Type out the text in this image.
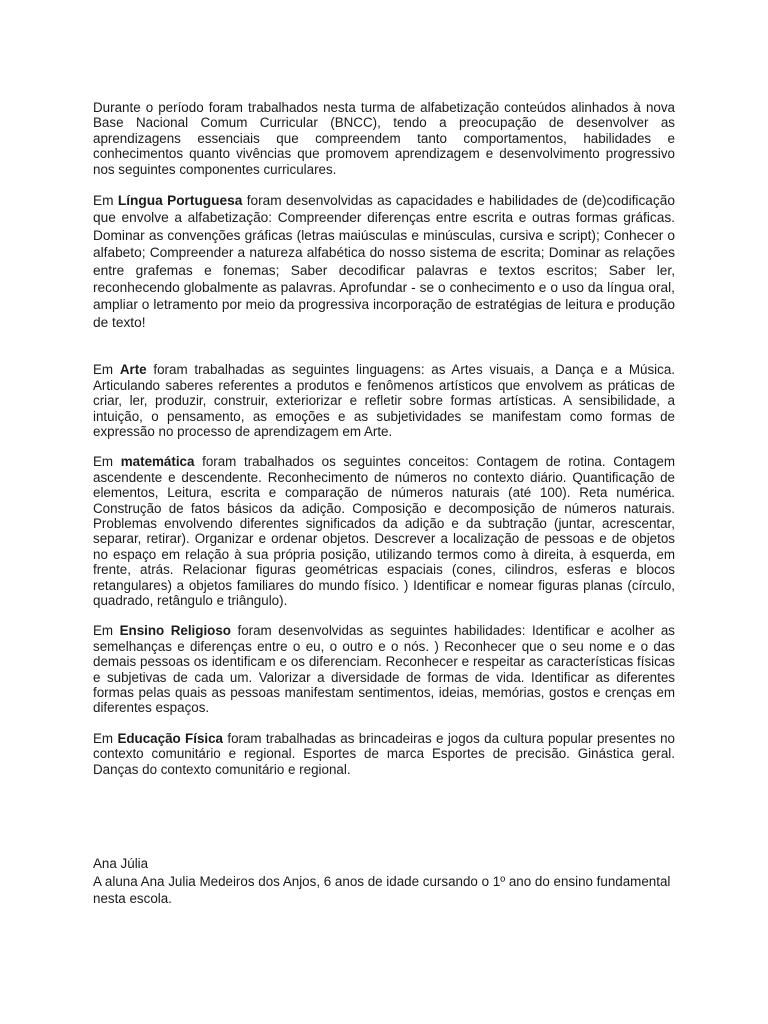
Durante o período foram trabalhados nesta turma de alfabetização conteúdos alinhados à nova Base Nacional Comum Curricular (BNCC), tendo a preocupação de desenvolver as aprendizagens essenciais que compreendem tanto comportamentos, habilidades e conhecimentos quanto vivências que promovem aprendizagem e desenvolvimento progressivo nos seguintes componentes curriculares.

Em Língua Portuguesa foram desenvolvidas as capacidades e habilidades de (de)codificação que envolve a alfabetização: Compreender diferenças entre escrita e outras formas gráficas. Dominar as convenções gráficas (letras maiúsculas e minúsculas, cursiva e script); Conhecer o alfabeto; Compreender a natureza alfabética do nosso sistema de escrita; Dominar as relações entre grafemas e fonemas; Saber decodificar palavras e textos escritos; Saber ler, reconhecendo globalmente as palavras. Aprofundar - se o conhecimento e o uso da língua oral, ampliar o letramento por meio da progressiva incorporação de estratégias de leitura e produção de texto!

Em Arte foram trabalhadas as seguintes linguagens: as Artes visuais, a Dança e a Música. Articulando saberes referentes a produtos e fenômenos artísticos que envolvem as práticas de criar, ler, produzir, construir, exteriorizar e refletir sobre formas artísticas. A sensibilidade, a intuição, o pensamento, as emoções e as subjetividades se manifestam como formas de expressão no processo de aprendizagem em Arte.

Em matemática foram trabalhados os seguintes conceitos: Contagem de rotina. Contagem ascendente e descendente. Reconhecimento de números no contexto diário. Quantificação de elementos, Leitura, escrita e comparação de números naturais (até 100). Reta numérica. Construção de fatos básicos da adição. Composição e decomposição de números naturais. Problemas envolvendo diferentes significados da adição e da subtração (juntar, acrescentar, separar, retirar). Organizar e ordenar objetos. Descrever a localização de pessoas e de objetos no espaço em relação à sua própria posição, utilizando termos como à direita, à esquerda, em frente, atrás. Relacionar figuras geométricas espaciais (cones, cilindros, esferas e blocos retangulares) a objetos familiares do mundo físico. ) Identificar e nomear figuras planas (círculo, quadrado, retângulo e triângulo).

Em Ensino Religioso foram desenvolvidas as seguintes habilidades: Identificar e acolher as semelhanças e diferenças entre o eu, o outro e o nós. ) Reconhecer que o seu nome e o das demais pessoas os identificam e os diferenciam. Reconhecer e respeitar as características físicas e subjetivas de cada um. Valorizar a diversidade de formas de vida. Identificar as diferentes formas pelas quais as pessoas manifestam sentimentos, ideias, memórias, gostos e crenças em diferentes espaços.

Em Educação Física foram trabalhadas as brincadeiras e jogos da cultura popular presentes no contexto comunitário e regional. Esportes de marca Esportes de precisão. Ginástica geral. Danças do contexto comunitário e regional.

Ana Júlia
A aluna Ana Julia Medeiros dos Anjos, 6 anos de idade cursando o 1º ano do ensino fundamental nesta escola.
